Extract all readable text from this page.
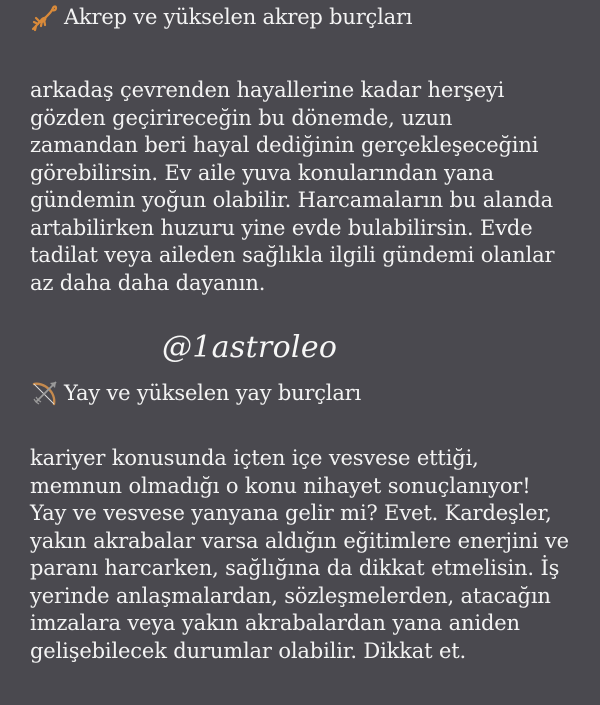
Akrep ve yükselen akrep burçları
arkadaş çevrenden hayallerine kadar herşeyi
gözden geçirireceğin bu dönemde, uzun
zamandan beri hayal dediğinin gerçekleşeceğini
görebilirsin. Ev aile yuva konularından yana
gündemin yoğun olabilir. Harcamaların bu alanda
artabilirken huzuru yine evde bulabilirsin. Evde
tadilat veya aileden sağlıkla ilgili gündemi olanlar
az daha daha dayanın.
@1astroleo
Yay ve yükselen yay burçları
kariyer konusunda içten içe vesvese ettiği,
memnun olmadığı o konu nihayet sonuçlanıyor!
Yay ve vesvese yanyana gelir mi? Evet. Kardeşler,
yakın akrabalar varsa aldığın eğitimlere enerjini ve
paranı harcarken, sağlığına da dikkat etmelisin. İş
yerinde anlaşmalardan, sözleşmelerden, atacağın
imzalara veya yakın akrabalardan yana aniden
gelişebilecek durumlar olabilir. Dikkat et.
